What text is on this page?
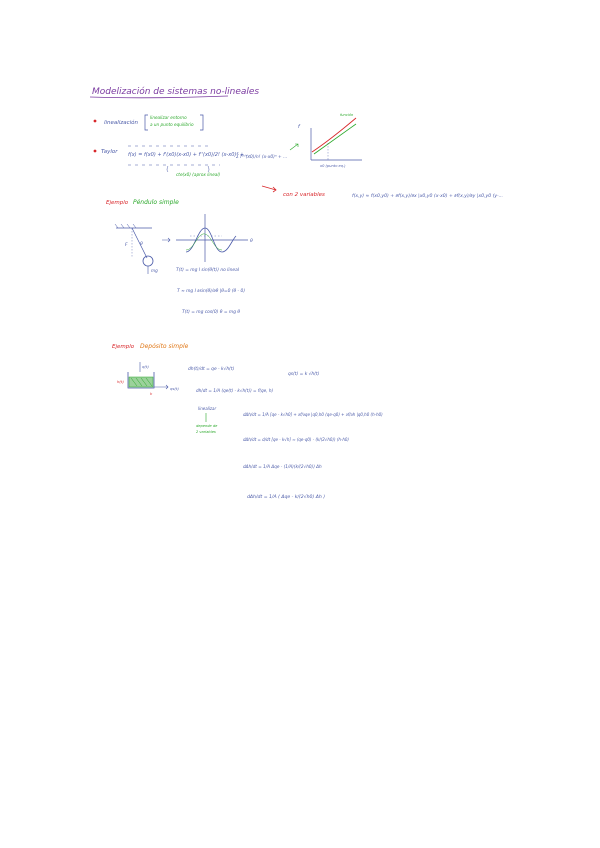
Modelización de sistemas no-lineales
linealización
linealizar entorno a un punto equilibrio
Taylor f(x) = f(x0) + f'(x0)(x-x0) + f''(x0)/2! (x-x0)² + ...
Σ f⁽ⁿ⁾(x0)/n! (x-x0)ⁿ + ...
cte(x0) (aprox lineal)
f
x0 (punto eq.)
función
con 2 variables	f(x,y) ≈ f(x0,y0) + ∂f(x,y)/∂x |x0,y0 (x-x0) + ∂f(x,y)/∂y |x0,y0 (y-...
Ejemplo Péndulo simple
θ
F
mg
θ
T(t) = mg l sin(θ(t)) no lineal
T ≈ mg l ∂sin(θ)/∂θ |θ=0 (θ - 0)
T(t) = mg cos(0) θ = mg θ
Ejemplo Depósito simple
q(t)
h(t)
qs(t)
k
dh(t)/dt = qe - k√h(t)
qs(t) = k √h(t)
dh/dt = 1/A (qe(t) - k√h(t)) = f(qe, h)
linealizar
depende de 2 variables
dΔh/dt = 1/A [qe - k√h0] + ∂f/∂qe |q0,h0 (qe-q0) + ∂f/∂h |q0,h0 (h-h0)
dΔh/dt = d/dt [qe - k√h] ≈ (qe-q0) - (k/(2√h0)) (h-h0)
dΔh/dt = 1/A Δqe - (1/A)(k/(2√h0)) Δh
dΔh/dt = 1/A ( Δqe - k/(2√h0) Δh )
